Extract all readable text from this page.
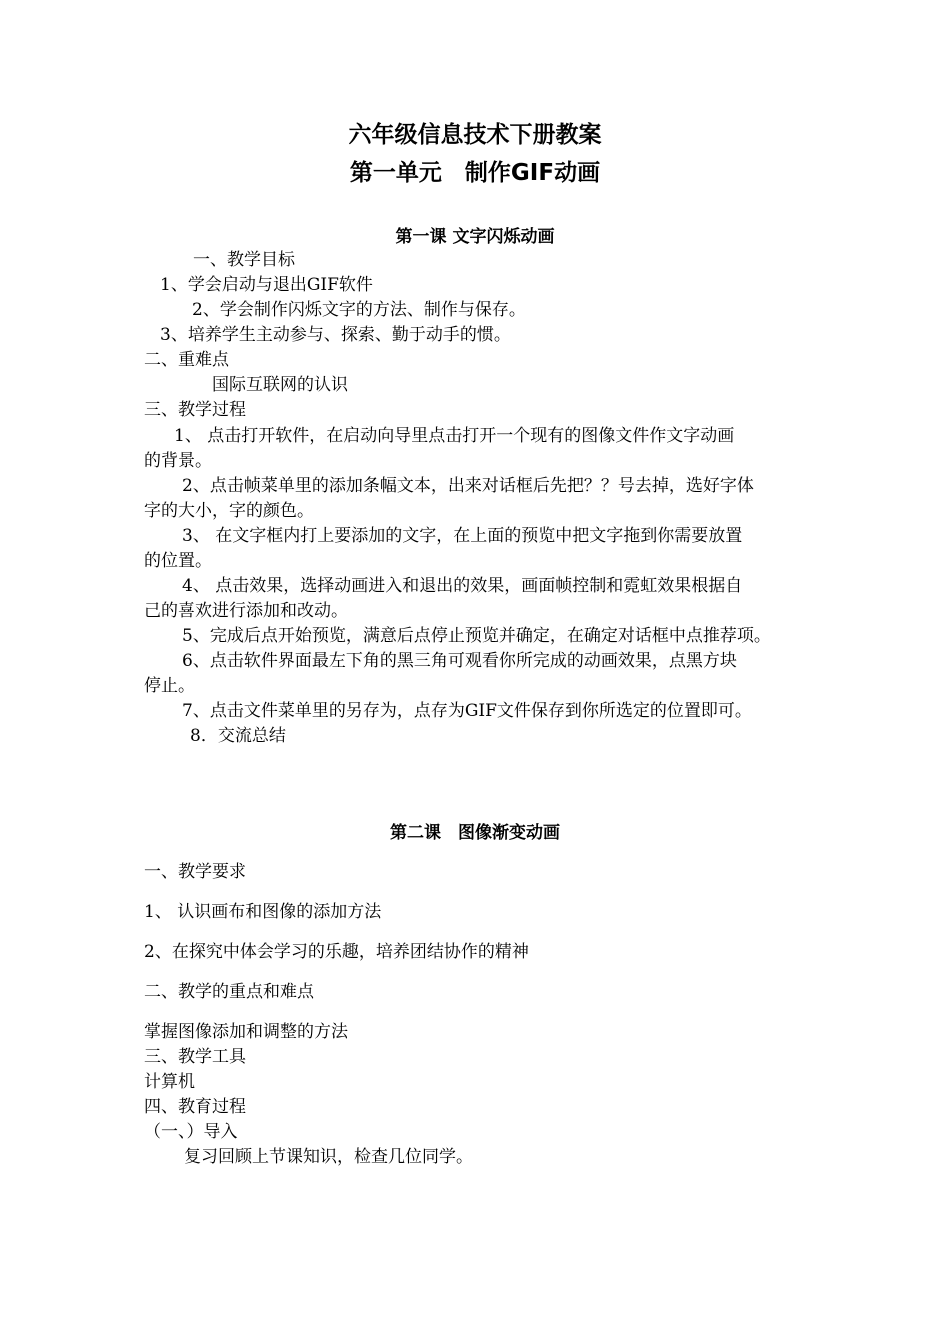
六年级信息技术下册教案
第一单元　制作GIF动画
第一课 文字闪烁动画
一、教学目标
1、学会启动与退出GIF软件
2、学会制作闪烁文字的方法、制作与保存。
3、培养学生主动参与、探索、勤于动手的惯。
二、重难点
国际互联网的认识
三、教学过程
1、 点击打开软件，在启动向导里点击打开一个现有的图像文件作文字动画
的背景。
2、点击帧菜单里的添加条幅文本，出来对话框后先把？？号去掉，选好字体
字的大小，字的颜色。
3、 在文字框内打上要添加的文字，在上面的预览中把文字拖到你需要放置
的位置。
4、 点击效果，选择动画进入和退出的效果，画面帧控制和霓虹效果根据自
己的喜欢进行添加和改动。
5、完成后点开始预览，满意后点停止预览并确定，在确定对话框中点推荐项。
6、点击软件界面最左下角的黑三角可观看你所完成的动画效果，点黑方块
停止。
7、点击文件菜单里的另存为，点存为GIF文件保存到你所选定的位置即可。
8．交流总结
第二课　图像渐变动画
一、教学要求
1、 认识画布和图像的添加方法
2、在探究中体会学习的乐趣，培养团结协作的精神
二、教学的重点和难点
掌握图像添加和调整的方法
三、教学工具
计算机
四、教育过程
（一、）导入
复习回顾上节课知识，检查几位同学。
